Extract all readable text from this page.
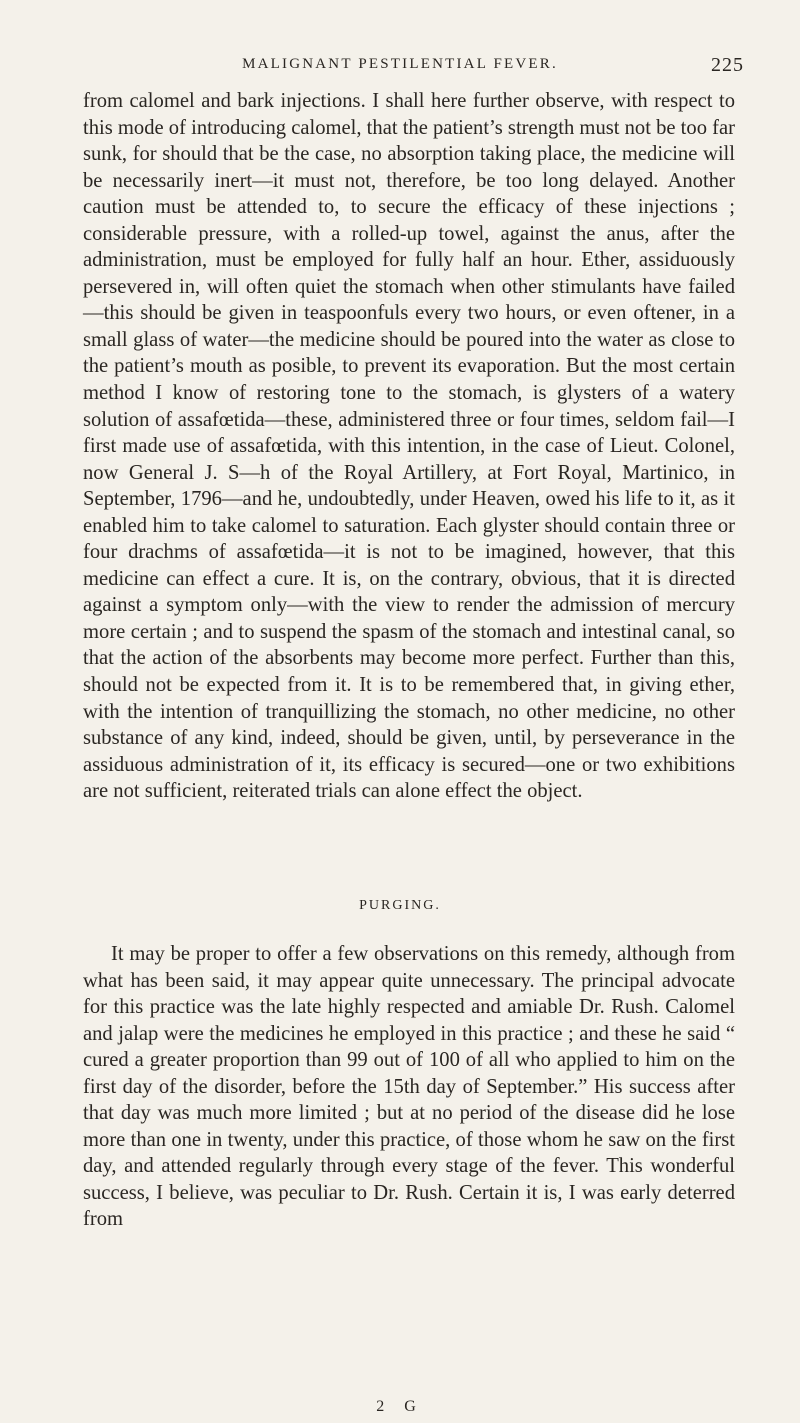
MALIGNANT PESTILENTIAL FEVER.	225

from calomel and bark injections. I shall here further observe, with respect to this mode of introducing calomel, that the patient’s strength must not be too far sunk, for should that be the case, no absorption taking place, the medicine will be necessarily inert—it must not, therefore, be too long delayed. Another caution must be attended to, to secure the efficacy of these injections ; considerable pressure, with a rolled-up towel, against the anus, after the administration, must be employed for fully half an hour. Ether, assiduously persevered in, will often quiet the stomach when other stimulants have failed—this should be given in teaspoonfuls every two hours, or even oftener, in a small glass of water—the medicine should be poured into the water as close to the patient’s mouth as posible, to prevent its evaporation. But the most certain method I know of restoring tone to the stomach, is glysters of a watery solution of assafœtida—these, administered three or four times, seldom fail—I first made use of assafœtida, with this intention, in the case of Lieut. Colonel, now General J. S—h of the Royal Artillery, at Fort Royal, Martinico, in September, 1796—and he, undoubtedly, under Heaven, owed his life to it, as it enabled him to take calomel to saturation. Each glyster should contain three or four drachms of assafœtida—it is not to be imagined, however, that this medicine can effect a cure. It is, on the contrary, obvious, that it is directed against a symptom only—with the view to render the admission of mercury more certain ; and to suspend the spasm of the stomach and intestinal canal, so that the action of the absorbents may become more perfect. Further than this, should not be expected from it. It is to be remembered that, in giving ether, with the intention of tranquillizing the stomach, no other medicine, no other substance of any kind, indeed, should be given, until, by perseverance in the assiduous administration of it, its efficacy is secured—one or two exhibitions are not sufficient, reiterated trials can alone effect the object.

PURGING.

It may be proper to offer a few observations on this remedy, although from what has been said, it may appear quite unnecessary. The principal advocate for this practice was the late highly respected and amiable Dr. Rush. Calomel and jalap were the medicines he employed in this practice ; and these he said “ cured a greater proportion than 99 out of 100 of all who applied to him on the first day of the disorder, before the 15th day of September.” His success after that day was much more limited ; but at no period of the disease did he lose more than one in twenty, under this practice, of those whom he saw on the first day, and attended regularly through every stage of the fever. This wonderful success, I believe, was peculiar to Dr. Rush. Certain it is, I was early deterred from

2 G
